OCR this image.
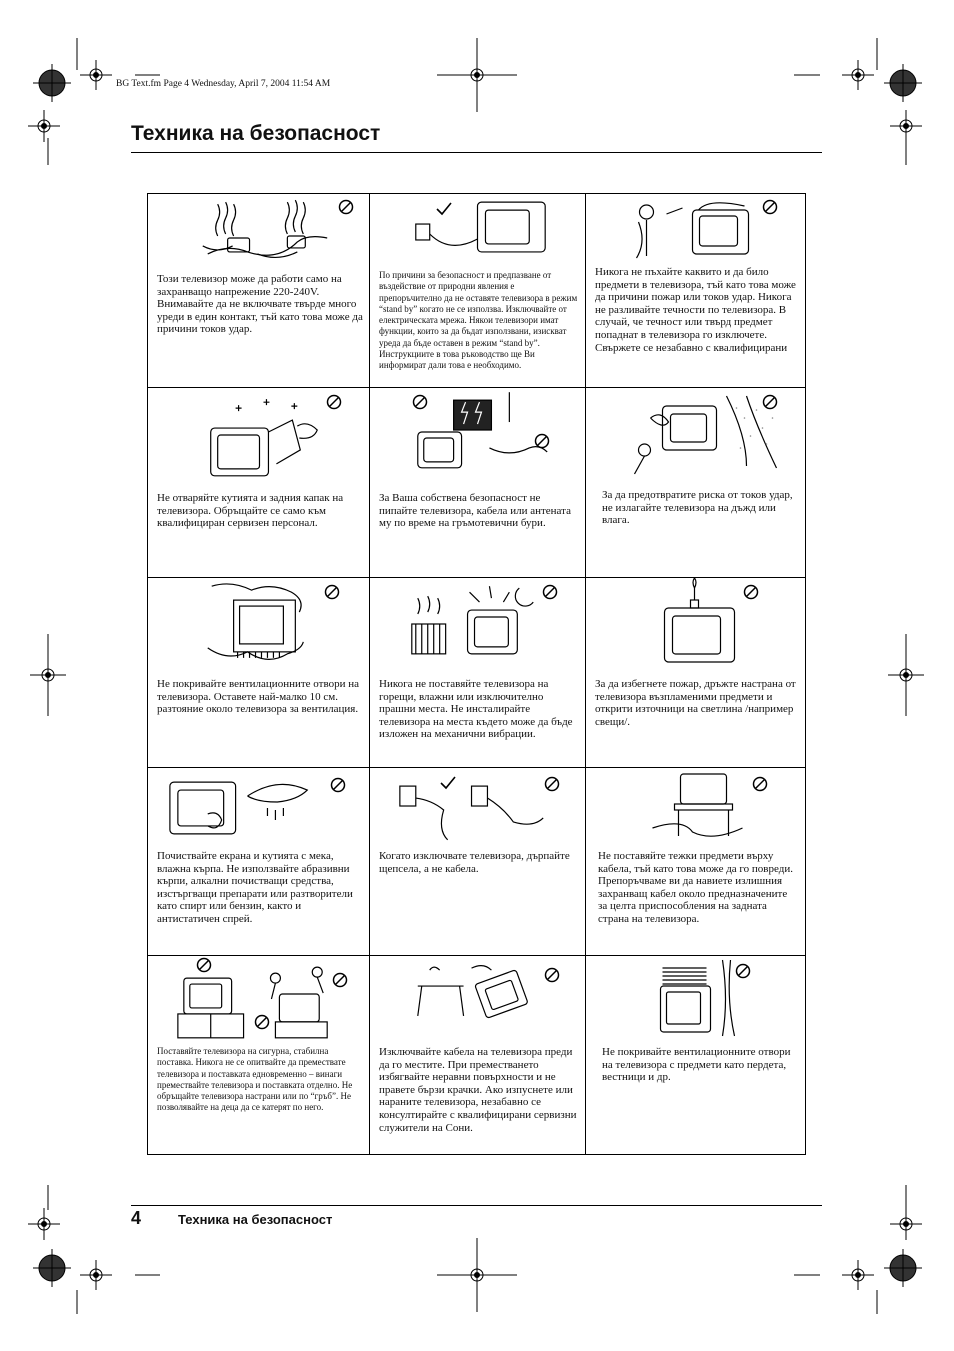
BG Text.fm Page 4 Wednesday, April 7, 2004 11:54 AM
Техника на безопасност
Този телевизор може да работи само на захранващо напрежение 220-240V. Внимавайте да не включвате твърде много уреди в един контакт, тъй като това може да причини токов удар.
По причини за безопасност и предпазване от въздействие от природни явления е препоръчително да не оставяте телевизора в режим “stand by” когато не се използва. Изключвайте от електрическата мрежа. Някои телевизори имат функции, които за да бъдат използвани, изискват уреда да бъде оставен в режим “stand by”. Инструкциите в това ръководство ще Ви информират дали това е необходимо.
Никога не пъхайте каквито и да било предмети в телевизора, тъй като това може да причини пожар или токов удар. Никога не разливайте течности по телевизора. В случай, че течност или твърд предмет попаднат в телевизора го изключете. Свържете се незабавно с квалифицирани
Не отваряйте кутията и задния капак на телевизора. Обръщайте се само към квалифициран сервизен персонал.
За Ваша собствена безопасност не пипайте телевизора, кабела или антената му по време на гръмотевични бури.
За да предотвратите риска от токов удар, не излагайте телевизора на дъжд или влага.
Не покривайте вентилационните отвори на телевизора. Оставете най-малко 10 см. разтояние около телевизора за вентилация.
Никога не поставяйте телевизора на горещи, влажни или изключително прашни места. Не инсталирайте телевизора на места където може да бъде изложен на механични вибрации.
За да избегнете пожар, дръжте настрана от телевизора възпламеними предмети и открити източници на светлина /например свещи/.
Почиствайте екрана и кутията с мека, влажна кърпа. Не използвайте абразивни кърпи, алкални почистващи средства, изстъргващи препарати или разтворители като спирт или бензин, както и антистатичен спрей.
Когато изключвате телевизора, дърпайте щепсела, а не кабела.
Не поставяйте тежки предмети върху кабела, тъй като това може да го повреди. Препоръчваме ви да навиете излишния захранващ кабел около предназначените за целта приспособления на задната страна на телевизора.
Поставяйте телевизора на сигурна, стабилна поставка. Никога не се опитвайте да премествате телевизора и поставката едновременно – винаги премествайте телевизора и поставката отделно. Не обръщайте телевизора настрани или по “гръб”. Не позволявайте на деца да се катерят по него.
Изключвайте кабела на телевизора преди да го местите. При преместването избягвайте неравни повърхности и не правете бързи крачки. Ако изпуснете или нараните телевизора, незабавно се консултирайте с квалифицирани сервизни служители на Сони.
Не покривайте вентилационните отвори на телевизора с предмети като пердета, вестници и др.
4	Техника на безопасност
